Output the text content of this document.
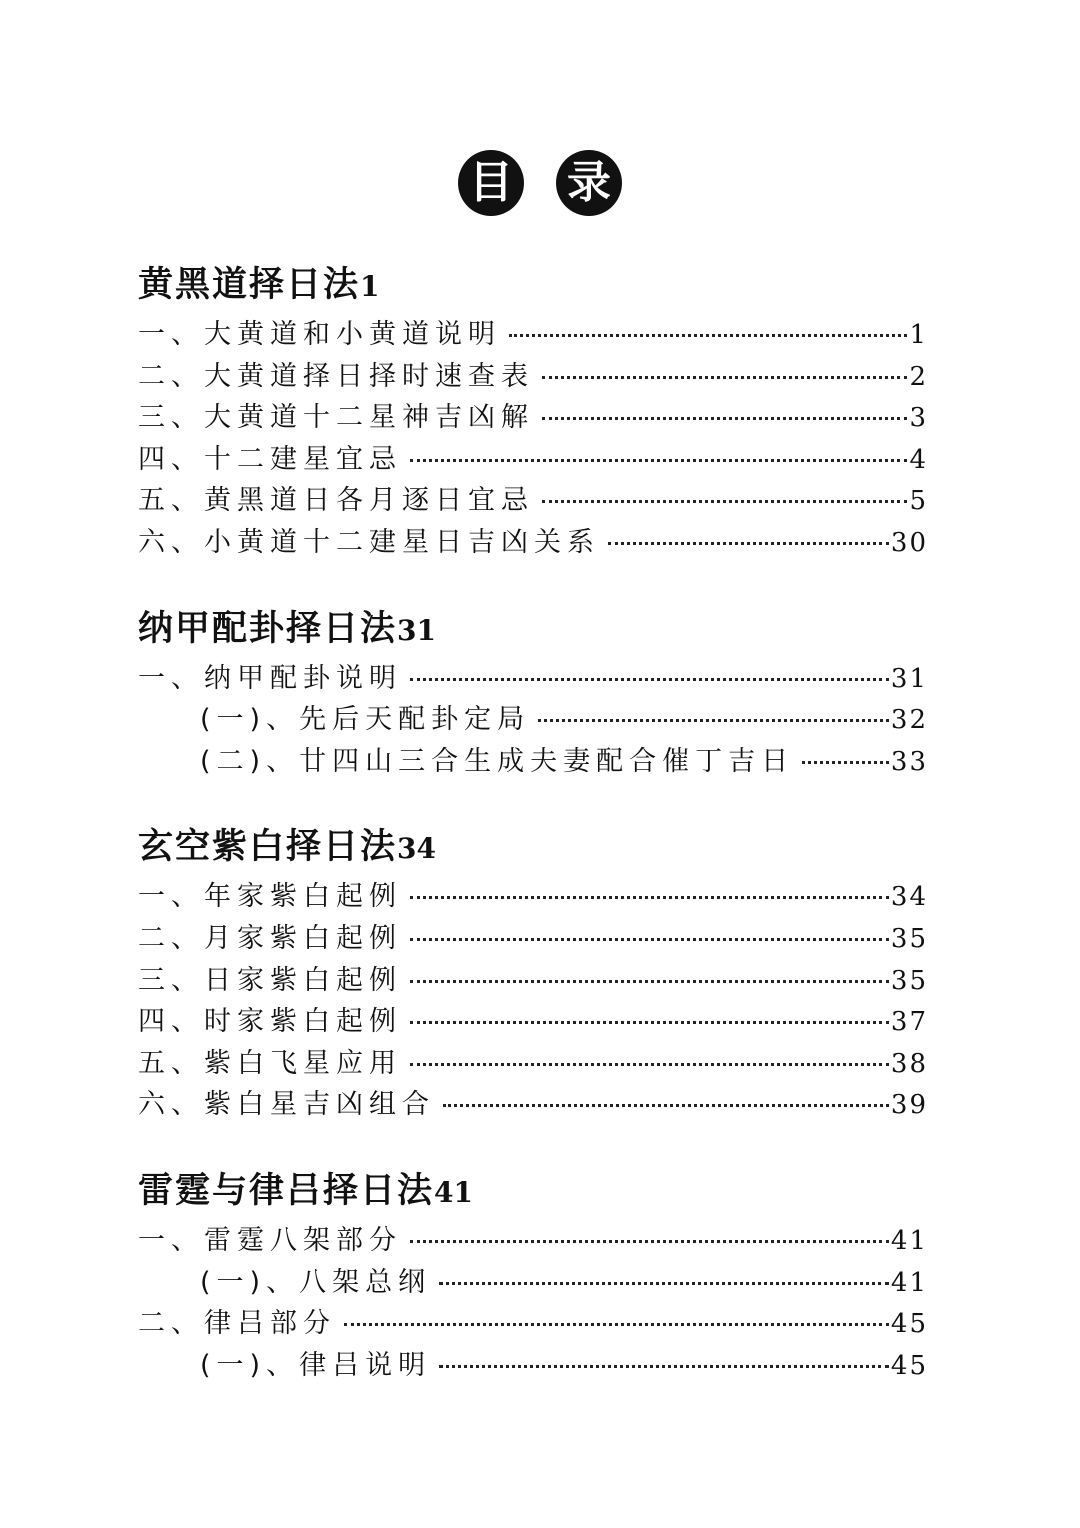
目 录
黄黑道择日法1
一、大黄道和小黄道说明	1
二、大黄道择日择时速查表	2
三、大黄道十二星神吉凶解	3
四、十二建星宜忌	4
五、黄黑道日各月逐日宜忌	5
六、小黄道十二建星日吉凶关系	30
纳甲配卦择日法31
一、纳甲配卦说明	31
(一)、先后天配卦定局	32
(二)、廿四山三合生成夫妻配合催丁吉日	33
玄空紫白择日法34
一、年家紫白起例	34
二、月家紫白起例	35
三、日家紫白起例	35
四、时家紫白起例	37
五、紫白飞星应用	38
六、紫白星吉凶组合	39
雷霆与律吕择日法41
一、雷霆八架部分	41
(一)、八架总纲	41
二、律吕部分	45
(一)、律吕说明	45
